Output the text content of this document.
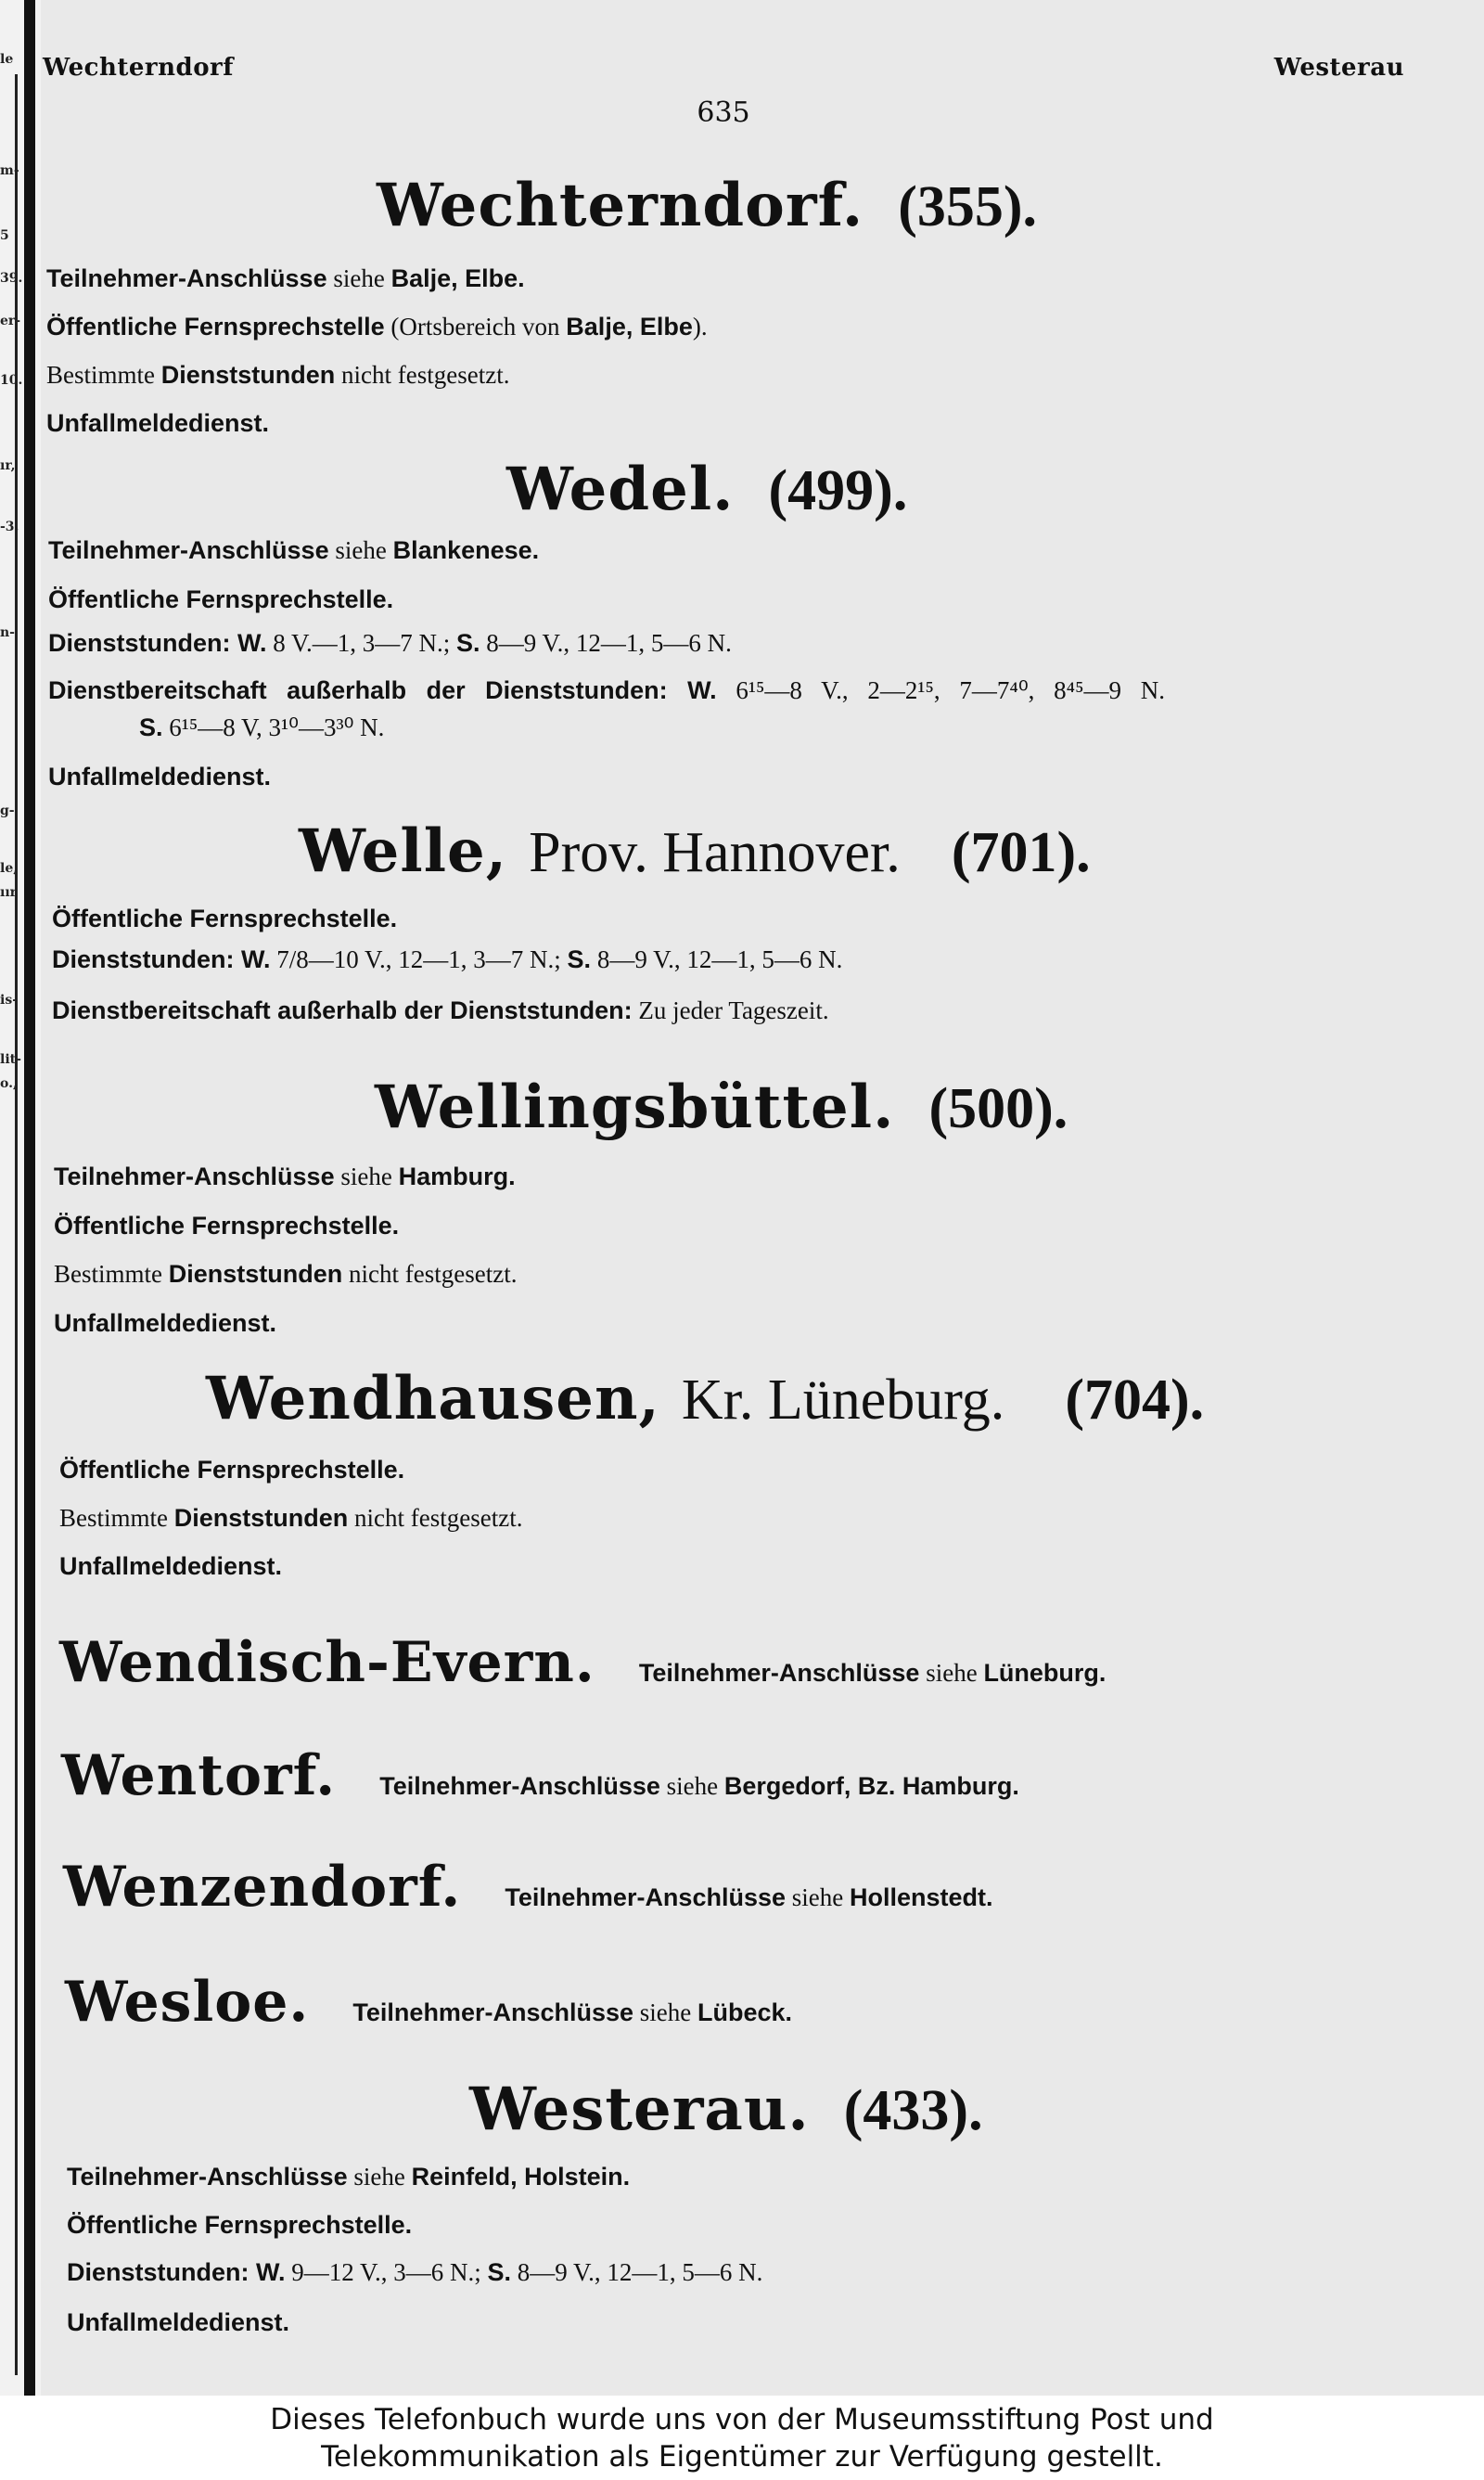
le
m-
5
39.
er-
10.
ır,
-3.
n-
g-
le,
ıır
is-
lit-
o.,
Wechterndorf	Westerau
635
Wechterndorf. (355).
Teilnehmer-Anschlüsse siehe Balje, Elbe.
Öffentliche Fernsprechstelle (Ortsbereich von Balje, Elbe).
Bestimmte Dienststunden nicht festgesetzt.
Unfallmeldedienst.
Wedel. (499).
Teilnehmer-Anschlüsse siehe Blankenese.
Öffentliche Fernsprechstelle.
Dienststunden: W. 8 V.—1, 3—7 N.; S. 8—9 V., 12—1, 5—6 N.
Dienstbereitschaft außerhalb der Dienststunden: W. 6¹⁵—8 V., 2—2¹⁵, 7—7⁴⁰, 8⁴⁵—9 N.
S. 6¹⁵—8 V, 3¹⁰—3³⁰ N.
Unfallmeldedienst.
Welle, Prov. Hannover. (701).
Öffentliche Fernsprechstelle.
Dienststunden: W. 7/8—10 V., 12—1, 3—7 N.; S. 8—9 V., 12—1, 5—6 N.
Dienstbereitschaft außerhalb der Dienststunden: Zu jeder Tageszeit.
Wellingsbüttel. (500).
Teilnehmer-Anschlüsse siehe Hamburg.
Öffentliche Fernsprechstelle.
Bestimmte Dienststunden nicht festgesetzt.
Unfallmeldedienst.
Wendhausen, Kr. Lüneburg. (704).
Öffentliche Fernsprechstelle.
Bestimmte Dienststunden nicht festgesetzt.
Unfallmeldedienst.
Wendisch-Evern. Teilnehmer-Anschlüsse siehe Lüneburg.
Wentorf. Teilnehmer-Anschlüsse siehe Bergedorf, Bz. Hamburg.
Wenzendorf. Teilnehmer-Anschlüsse siehe Hollenstedt.
Wesloe. Teilnehmer-Anschlüsse siehe Lübeck.
Westerau. (433).
Teilnehmer-Anschlüsse siehe Reinfeld, Holstein.
Öffentliche Fernsprechstelle.
Dienststunden: W. 9—12 V., 3—6 N.; S. 8—9 V., 12—1, 5—6 N.
Unfallmeldedienst.
Dieses Telefonbuch wurde uns von der Museumsstiftung Post und
Telekommunikation als Eigentümer zur Verfügung gestellt.
